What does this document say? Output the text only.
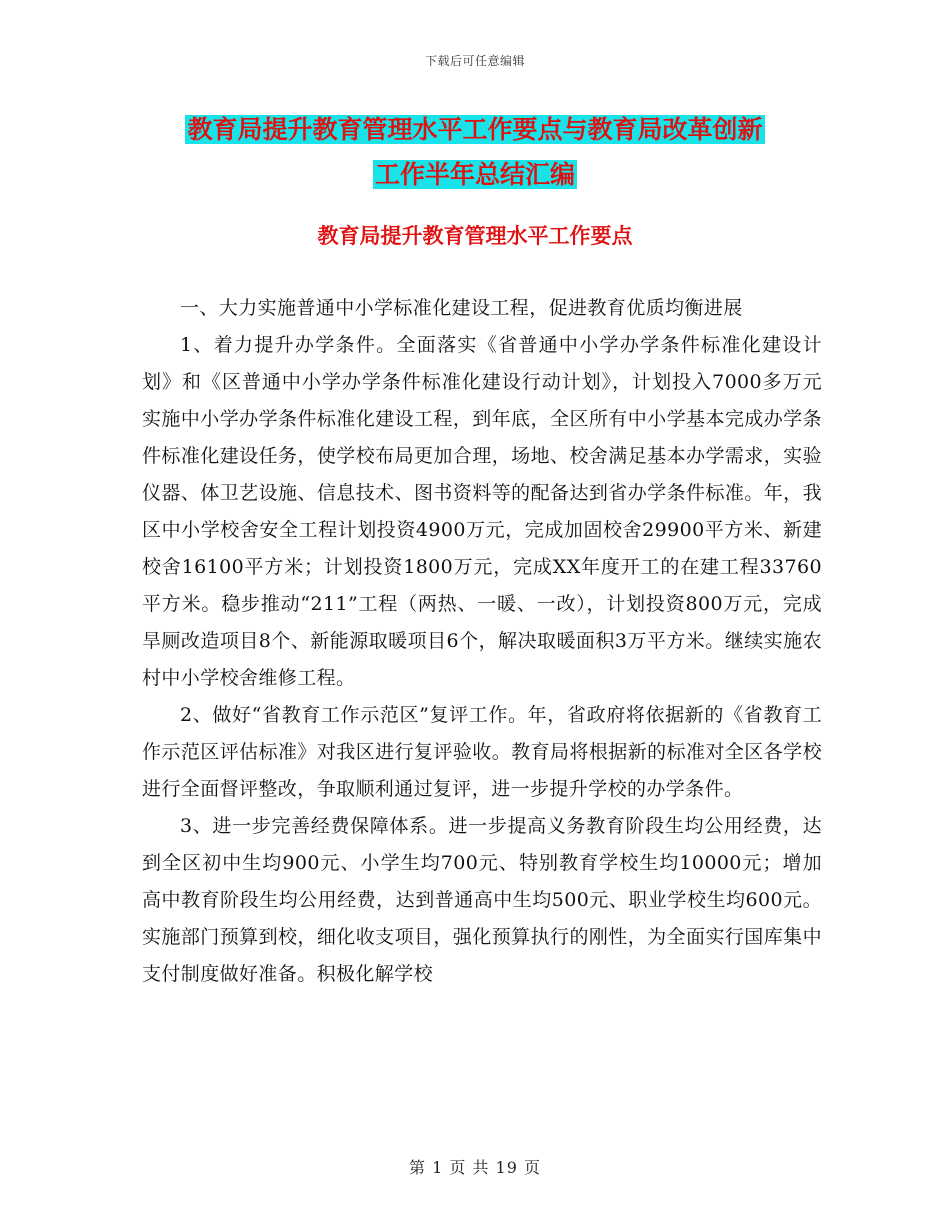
下载后可任意编辑
教育局提升教育管理水平工作要点与教育局改革创新
工作半年总结汇编
教育局提升教育管理水平工作要点

一、大力实施普通中小学标准化建设工程，促进教育优质均衡进展

1、着力提升办学条件。全面落实《省普通中小学办学条件标准化建设计划》和《区普通中小学办学条件标准化建设行动计划》，计划投入7000多万元实施中小学办学条件标准化建设工程，到年底，全区所有中小学基本完成办学条件标准化建设任务，使学校布局更加合理，场地、校舍满足基本办学需求，实验仪器、体卫艺设施、信息技术、图书资料等的配备达到省办学条件标准。年，我区中小学校舍安全工程计划投资4900万元，完成加固校舍29900平方米、新建校舍16100平方米；计划投资1800万元，完成XX年度开工的在建工程33760平方米。稳步推动“211”工程（两热、一暖、一改），计划投资800万元，完成旱厕改造项目8个、新能源取暖项目6个，解决取暖面积3万平方米。继续实施农村中小学校舍维修工程。

2、做好“省教育工作示范区”复评工作。年，省政府将依据新的《省教育工作示范区评估标准》对我区进行复评验收。教育局将根据新的标准对全区各学校进行全面督评整改，争取顺利通过复评，进一步提升学校的办学条件。

3、进一步完善经费保障体系。进一步提高义务教育阶段生均公用经费，达到全区初中生均900元、小学生均700元、特别教育学校生均10000元；增加高中教育阶段生均公用经费，达到普通高中生均500元、职业学校生均600元。实施部门预算到校，细化收支项目，强化预算执行的刚性，为全面实行国库集中支付制度做好准备。积极化解学校

第 1 页 共 19 页
